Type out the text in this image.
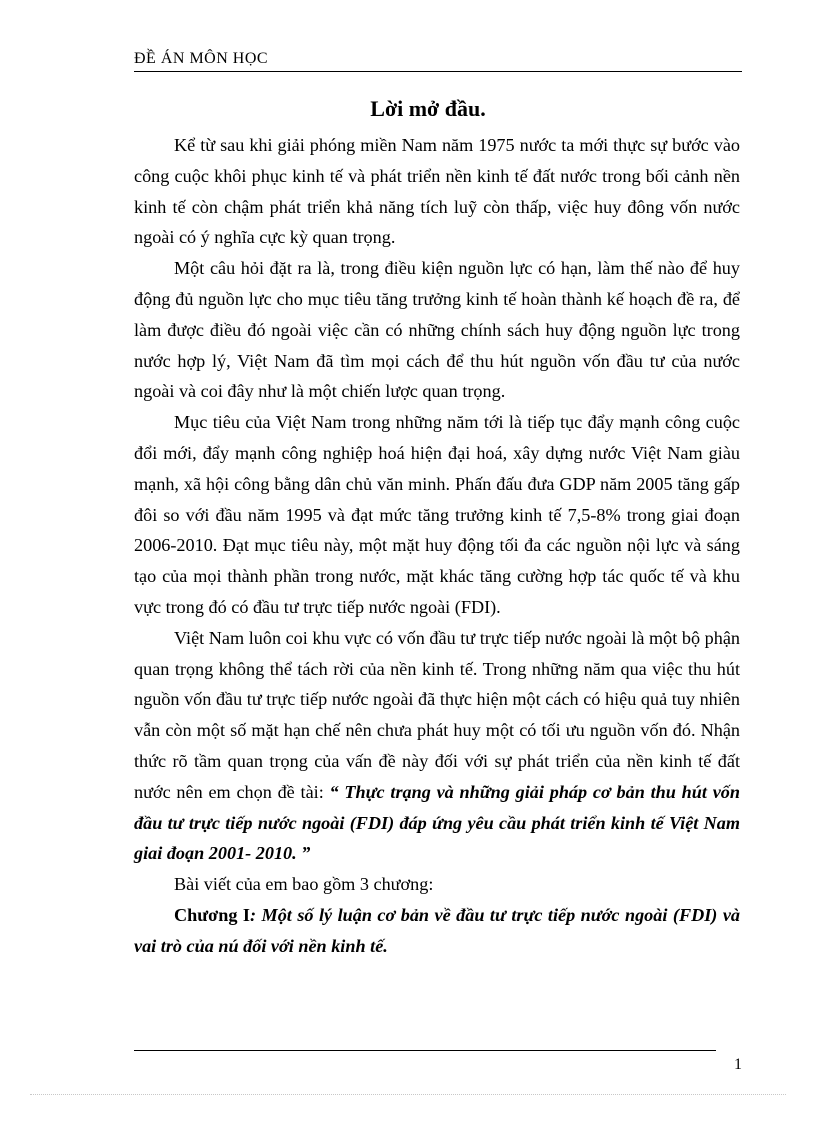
ĐỀ ÁN MÔN HỌC
Lời mở đầu.

Kể từ sau khi giải phóng miền Nam năm 1975 nước ta mới thực sự bước vào công cuộc khôi phục kinh tế và phát triển nền kinh tế đất nước trong bối cảnh nền kinh tế còn chậm phát triển khả năng tích luỹ còn thấp, việc huy đông vốn nước ngoài có ý nghĩa cực kỳ quan trọng.

Một câu hỏi đặt ra là, trong điều kiện nguồn lực có hạn, làm thế nào để huy động đủ nguồn lực cho mục tiêu tăng trưởng kinh tế hoàn thành kế hoạch đề ra, để làm được điều đó ngoài việc cần có những chính sách huy động nguồn lực trong nước hợp lý, Việt Nam đã tìm mọi cách để thu hút nguồn vốn đầu tư của nước ngoài và coi đây như là một chiến lược quan trọng.

Mục tiêu của Việt Nam trong những năm tới là tiếp tục đẩy mạnh công cuộc đổi mới, đẩy mạnh công nghiệp hoá hiện đại hoá, xây dựng nước Việt Nam giàu mạnh, xã hội công bằng dân chủ văn minh. Phấn đấu đưa GDP năm 2005 tăng gấp đôi so với đầu năm 1995 và đạt mức tăng trưởng kinh tế 7,5-8% trong giai đoạn 2006-2010. Đạt mục tiêu này, một mặt huy động tối đa các nguồn nội lực và sáng tạo của mọi thành phần trong nước, mặt khác tăng cường hợp tác quốc tế và khu vực trong đó có đầu tư trực tiếp nước ngoài (FDI).

Việt Nam luôn coi khu vực có vốn đầu tư trực tiếp nước ngoài là một bộ phận quan trọng không thể tách rời của nền kinh tế. Trong những năm qua việc thu hút nguồn vốn đầu tư trực tiếp nước ngoài đã thực hiện một cách có hiệu quả tuy nhiên vẫn còn một số mặt hạn chế nên chưa phát huy một có tối ưu nguồn vốn đó. Nhận thức rõ tầm quan trọng của vấn đề này đối với sự phát triển của nền kinh tế đất nước nên em chọn đề tài: “ Thực trạng và những giải pháp cơ bản thu hút vốn đầu tư trực tiếp nước ngoài (FDI) đáp ứng yêu cầu phát triển kinh tế Việt Nam giai đoạn 2001- 2010. ”

Bài viết của em bao gồm 3 chương:

Chương I: Một số lý luận cơ bản về đầu tư trực tiếp nước ngoài (FDI) và vai trò của nú đối với nền kinh tế.

1
